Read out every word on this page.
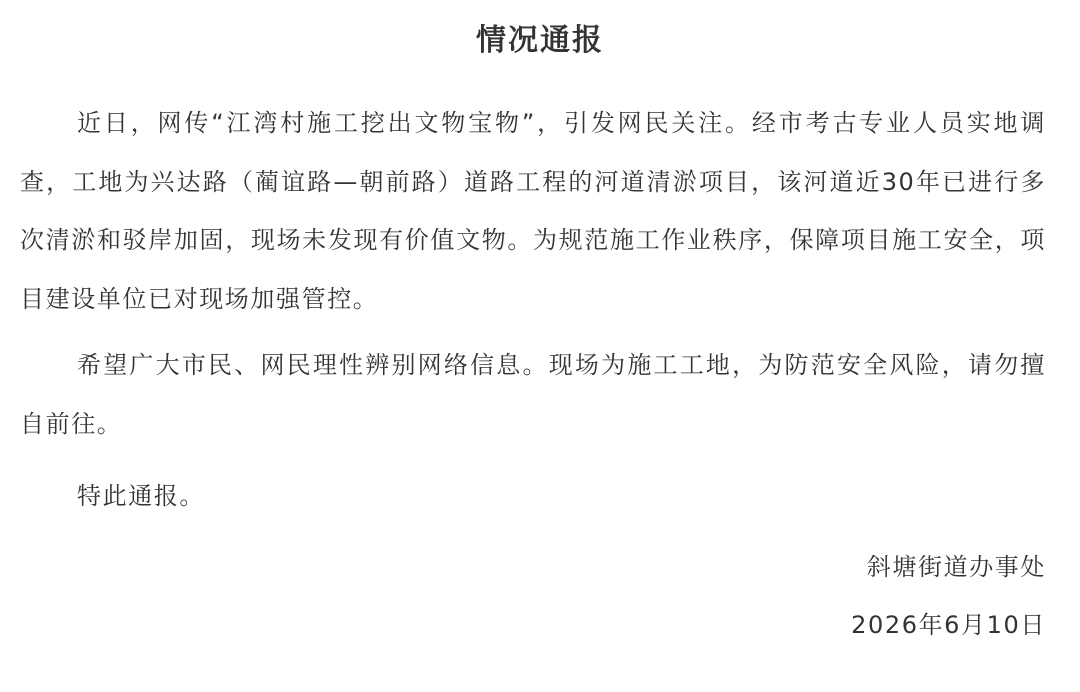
情况通报

近日，网传“江湾村施工挖出文物宝物”，引发网民关注。经市考古专业人员实地调查，工地为兴达路（蔺谊路—朝前路）道路工程的河道清淤项目，该河道近30年已进行多次清淤和驳岸加固，现场未发现有价值文物。为规范施工作业秩序，保障项目施工安全，项目建设单位已对现场加强管控。

希望广大市民、网民理性辨别网络信息。现场为施工工地，为防范安全风险，请勿擅自前往。

特此通报。

斜塘街道办事处
2026年6月10日
